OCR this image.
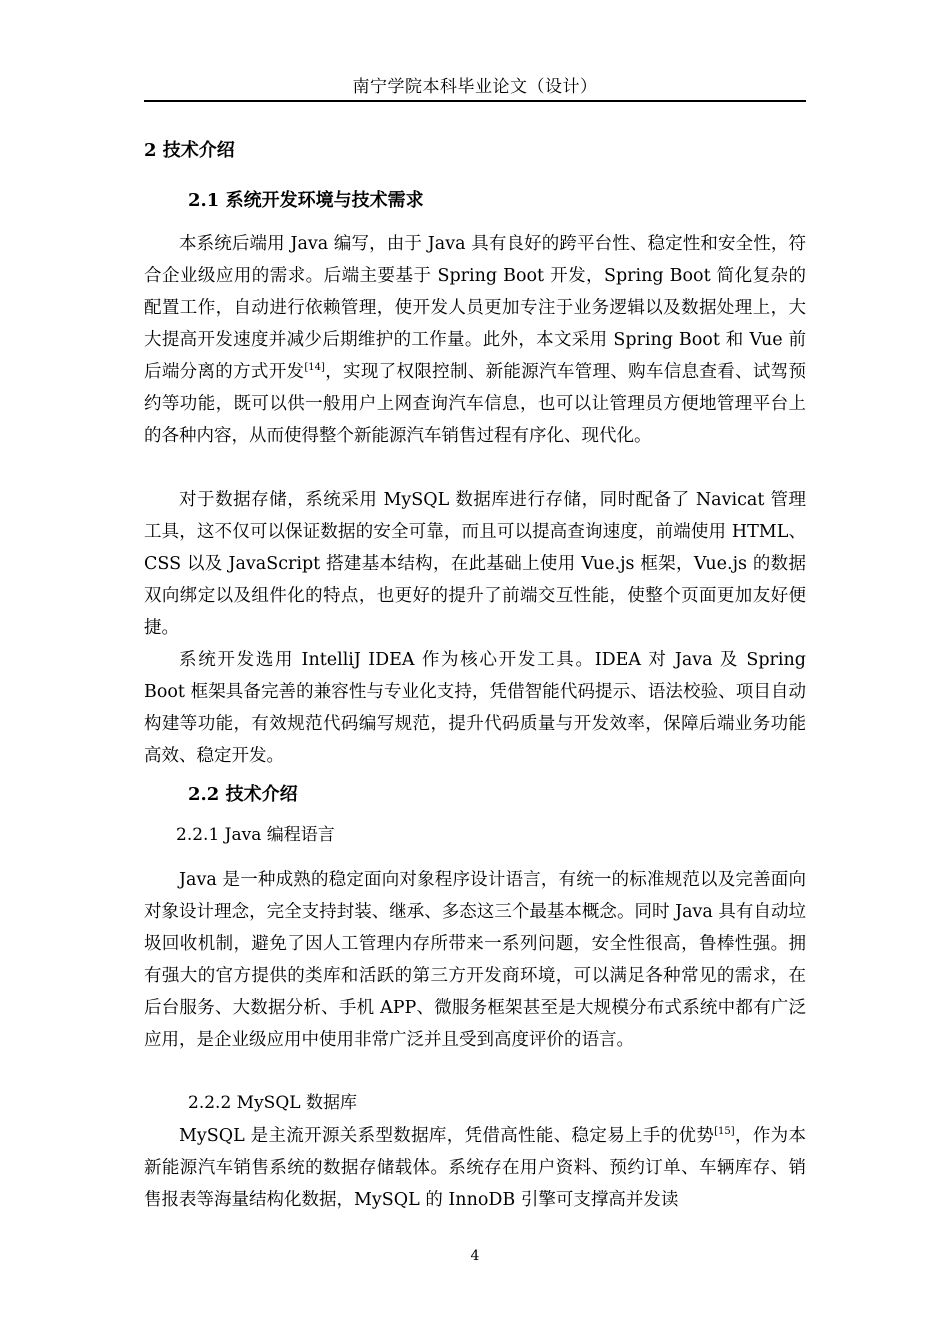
南宁学院本科毕业论文（设计）
2 技术介绍
2.1 系统开发环境与技术需求
本系统后端用 Java 编写，由于 Java 具有良好的跨平台性、稳定性和安全性，符合企业级应用的需求。后端主要基于 Spring Boot 开发，Spring Boot 简化复杂的配置工作，自动进行依赖管理，使开发人员更加专注于业务逻辑以及数据处理上，大大提高开发速度并减少后期维护的工作量。此外，本文采用 Spring Boot 和 Vue 前后端分离的方式开发[14]，实现了权限控制、新能源汽车管理、购车信息查看、试驾预约等功能，既可以供一般用户上网查询汽车信息，也可以让管理员方便地管理平台上的各种内容，从而使得整个新能源汽车销售过程有序化、现代化。
对于数据存储，系统采用 MySQL 数据库进行存储，同时配备了 Navicat 管理工具，这不仅可以保证数据的安全可靠，而且可以提高查询速度，前端使用 HTML、CSS 以及 JavaScript 搭建基本结构，在此基础上使用 Vue.js 框架，Vue.js 的数据双向绑定以及组件化的特点，也更好的提升了前端交互性能，使整个页面更加友好便捷。
系统开发选用 IntelliJ IDEA 作为核心开发工具。IDEA 对 Java 及 Spring Boot 框架具备完善的兼容性与专业化支持，凭借智能代码提示、语法校验、项目自动构建等功能，有效规范代码编写规范，提升代码质量与开发效率，保障后端业务功能高效、稳定开发。
2.2 技术介绍
2.2.1 Java 编程语言
Java 是一种成熟的稳定面向对象程序设计语言，有统一的标准规范以及完善面向对象设计理念，完全支持封装、继承、多态这三个最基本概念。同时 Java 具有自动垃圾回收机制，避免了因人工管理内存所带来一系列问题，安全性很高，鲁棒性强。拥有强大的官方提供的类库和活跃的第三方开发商环境，可以满足各种常见的需求，在后台服务、大数据分析、手机 APP、微服务框架甚至是大规模分布式系统中都有广泛应用，是企业级应用中使用非常广泛并且受到高度评价的语言。
2.2.2 MySQL 数据库
MySQL 是主流开源关系型数据库，凭借高性能、稳定易上手的优势[15]，作为本新能源汽车销售系统的数据存储载体。系统存在用户资料、预约订单、车辆库存、销售报表等海量结构化数据，MySQL 的 InnoDB 引擎可支撑高并发读
4
